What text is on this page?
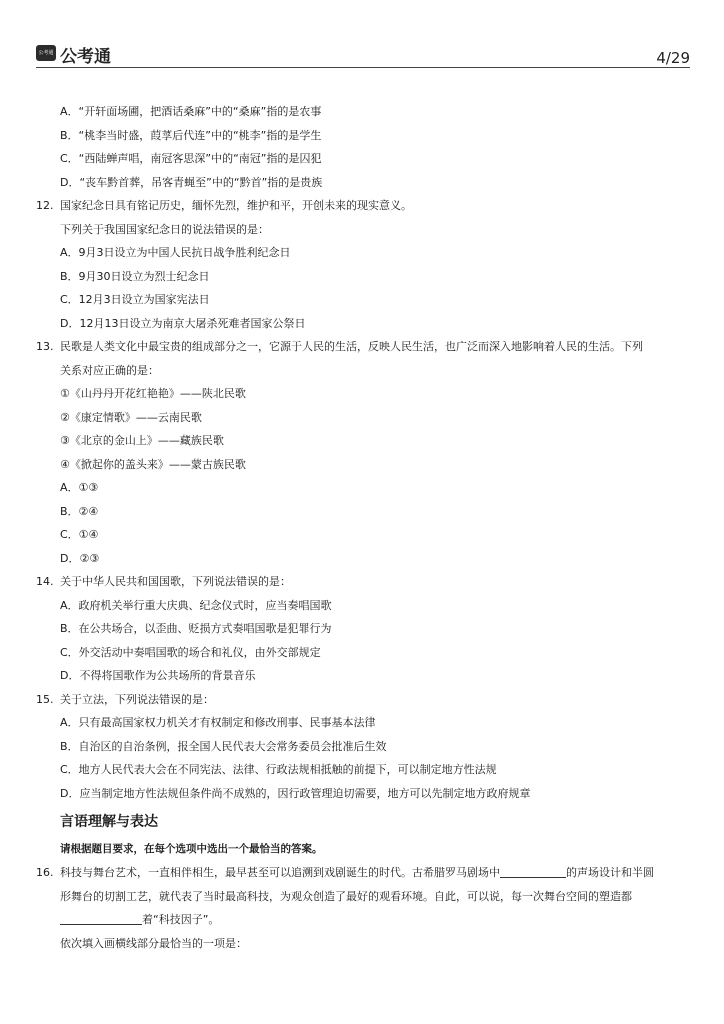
公考通 公考通	4/29
A．“开轩面场圃，把酒话桑麻”中的“桑麻”指的是农事
B．“桃李当时盛，葭莩后代连”中的“桃李”指的是学生
C．“西陆蝉声唱，南冠客思深”中的“南冠”指的是囚犯
D．“丧车黔首葬，吊客青蝇至”中的“黔首”指的是贵族
12. 国家纪念日具有铭记历史，缅怀先烈，维护和平，开创未来的现实意义。
下列关于我国国家纪念日的说法错误的是：
A．9月3日设立为中国人民抗日战争胜利纪念日
B．9月30日设立为烈士纪念日
C．12月3日设立为国家宪法日
D．12月13日设立为南京大屠杀死难者国家公祭日
13. 民歌是人类文化中最宝贵的组成部分之一，它源于人民的生活，反映人民生活，也广泛而深入地影响着人民的生活。下列
关系对应正确的是：
①《山丹丹开花红艳艳》——陕北民歌
②《康定情歌》——云南民歌
③《北京的金山上》——藏族民歌
④《掀起你的盖头来》——蒙古族民歌
A．①③
B．②④
C．①④
D．②③
14. 关于中华人民共和国国歌，下列说法错误的是：
A．政府机关举行重大庆典、纪念仪式时，应当奏唱国歌
B．在公共场合，以歪曲、贬损方式奏唱国歌是犯罪行为
C．外交活动中奏唱国歌的场合和礼仪，由外交部规定
D．不得将国歌作为公共场所的背景音乐
15. 关于立法，下列说法错误的是：
A．只有最高国家权力机关才有权制定和修改刑事、民事基本法律
B．自治区的自治条例，报全国人民代表大会常务委员会批准后生效
C．地方人民代表大会在不同宪法、法律、行政法规相抵触的前提下，可以制定地方性法规
D．应当制定地方性法规但条件尚不成熟的，因行政管理迫切需要，地方可以先制定地方政府规章
言语理解与表达
请根据题目要求，在每个选项中选出一个最恰当的答案。
16. 科技与舞台艺术，一直相伴相生，最早甚至可以追溯到戏剧诞生的时代。古希腊罗马剧场中	的声场设计和半圆
形舞台的切割工艺，就代表了当时最高科技，为观众创造了最好的观看环境。自此，可以说，每一次舞台空间的塑造都
着“科技因子”。
依次填入画横线部分最恰当的一项是：
